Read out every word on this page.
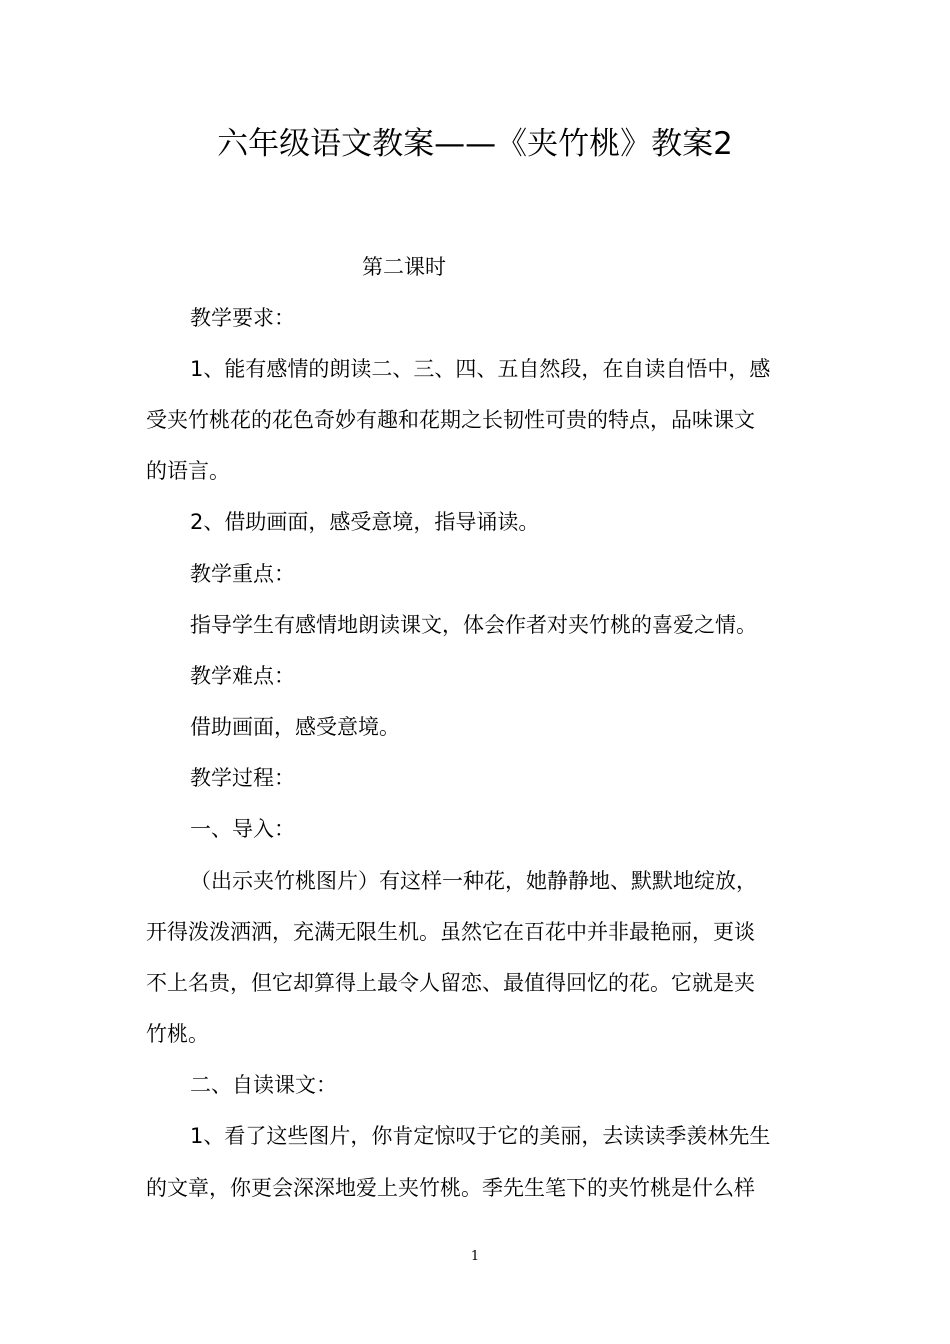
六年级语文教案——《夹竹桃》教案2

第二课时

教学要求：

1、能有感情的朗读二、三、四、五自然段，在自读自悟中，感

受夹竹桃花的花色奇妙有趣和花期之长韧性可贵的特点，品味课文

的语言。

2、借助画面，感受意境，指导诵读。

教学重点：

指导学生有感情地朗读课文，体会作者对夹竹桃的喜爱之情。

教学难点：

借助画面，感受意境。

教学过程：

一、导入：

（出示夹竹桃图片）有这样一种花，她静静地、默默地绽放，

开得泼泼洒洒，充满无限生机。虽然它在百花中并非最艳丽，更谈

不上名贵，但它却算得上最令人留恋、最值得回忆的花。它就是夹

竹桃。

二、自读课文：

1、看了这些图片，你肯定惊叹于它的美丽，去读读季羡林先生

的文章，你更会深深地爱上夹竹桃。季先生笔下的夹竹桃是什么样

1
